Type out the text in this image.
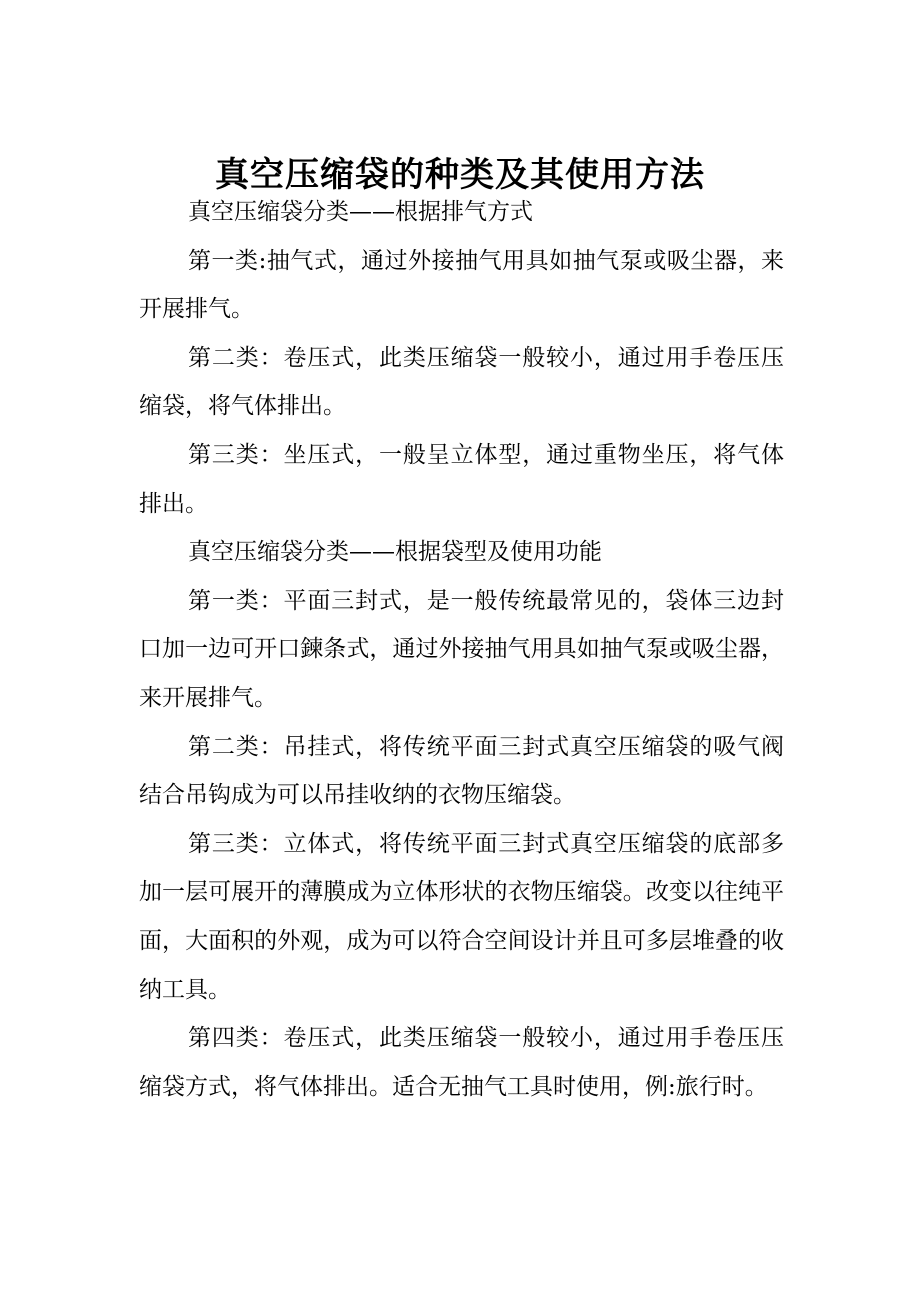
真空压缩袋的种类及其使用方法

真空压缩袋分类——根据排气方式

第一类:抽气式，通过外接抽气用具如抽气泵或吸尘器，来开展排气。

第二类：卷压式，此类压缩袋一般较小，通过用手卷压压缩袋，将气体排出。

第三类：坐压式，一般呈立体型，通过重物坐压，将气体排出。

真空压缩袋分类——根据袋型及使用功能

第一类：平面三封式，是一般传统最常见的，袋体三边封口加一边可开口鍊条式，通过外接抽气用具如抽气泵或吸尘器，来开展排气。

第二类：吊挂式，将传统平面三封式真空压缩袋的吸气阀结合吊钩成为可以吊挂收纳的衣物压缩袋。

第三类：立体式，将传统平面三封式真空压缩袋的底部多加一层可展开的薄膜成为立体形状的衣物压缩袋。改变以往纯平面，大面积的外观，成为可以符合空间设计并且可多层堆叠的收纳工具。

第四类：卷压式，此类压缩袋一般较小，通过用手卷压压缩袋方式，将气体排出。适合无抽气工具时使用，例:旅行时。
